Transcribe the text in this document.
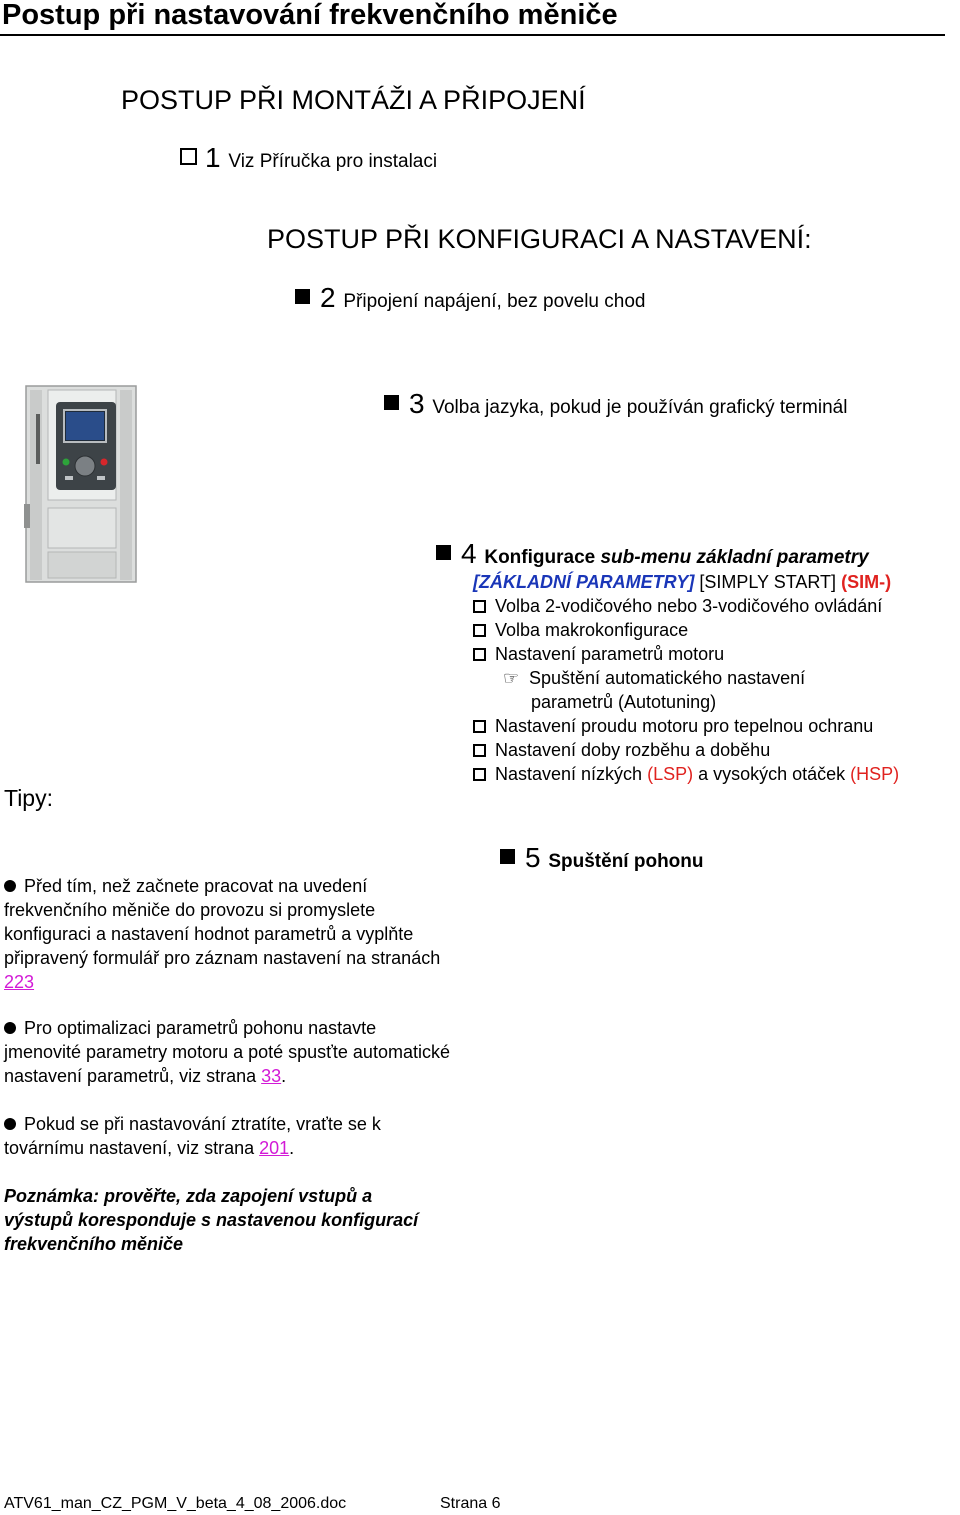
Postup při nastavování frekvenčního měniče
POSTUP PŘI MONTÁŽI A PŘIPOJENÍ
1 Viz Příručka pro instalaci
POSTUP PŘI KONFIGURACI A NASTAVENÍ:
2 Připojení napájení, bez povelu chod
3 Volba jazyka, pokud je používán grafický terminál
4 Konfigurace sub-menu základní parametry
[ZÁKLADNÍ PARAMETRY] [SIMPLY START] (SIM-)
Volba 2-vodičového nebo 3-vodičového ovládání
Volba makrokonfigurace
Nastavení parametrů motoru
☞ Spuštění automatického nastavení
parametrů (Autotuning)
Nastavení proudu motoru pro tepelnou ochranu
Nastavení doby rozběhu a doběhu
Nastavení nízkých (LSP) a vysokých otáček (HSP)
5 Spuštění pohonu
Tipy:
Před tím, než začnete pracovat na uvedení frekvenčního měniče do provozu si promyslete konfiguraci a nastavení hodnot parametrů a vyplňte připravený formulář pro záznam nastavení na stranách 223
Pro optimalizaci parametrů pohonu nastavte jmenovité parametry motoru a poté spusťte automatické nastavení parametrů, viz strana 33.
Pokud se při nastavování ztratíte, vraťte se k továrnímu nastavení, viz strana 201.
Poznámka: prověřte, zda zapojení vstupů a výstupů koresponduje s nastavenou konfigurací frekvenčního měniče
ATV61_man_CZ_PGM_V_beta_4_08_2006.doc	Strana 6
